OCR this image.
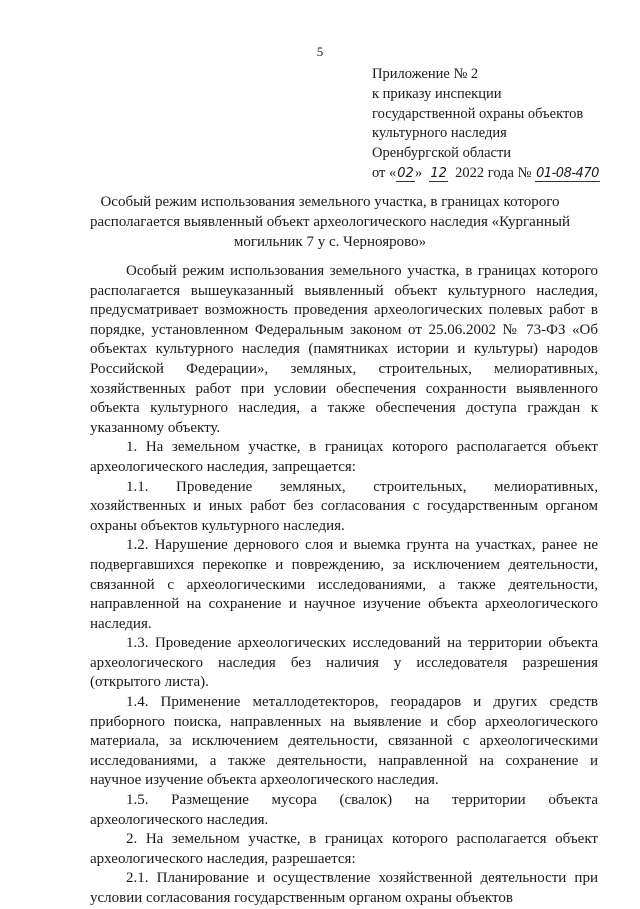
5
Приложение № 2
к приказу инспекции
государственной охраны объектов
культурного наследия
Оренбургской области
от «02» 12 2022 года № 01-08-470
Особый режим использования земельного участка, в границах которого располагается выявленный объект археологического наследия «Курганный могильник 7 у с. Черноярово»

Особый режим использования земельного участка, в границах которого располагается вышеуказанный выявленный объект культурного наследия, предусматривает возможность проведения археологических полевых работ в порядке, установленном Федеральным законом от 25.06.2002 № 73-ФЗ «Об объектах культурного наследия (памятниках истории и культуры) народов Российской Федерации», земляных, строительных, мелиоративных, хозяйственных работ при условии обеспечения сохранности выявленного объекта культурного наследия, а также обеспечения доступа граждан к указанному объекту.

1. На земельном участке, в границах которого располагается объект археологического наследия, запрещается:

1.1. Проведение земляных, строительных, мелиоративных, хозяйственных и иных работ без согласования с государственным органом охраны объектов культурного наследия.

1.2. Нарушение дернового слоя и выемка грунта на участках, ранее не подвергавшихся перекопке и повреждению, за исключением деятельности, связанной с археологическими исследованиями, а также деятельности, направленной на сохранение и научное изучение объекта археологического наследия.

1.3. Проведение археологических исследований на территории объекта археологического наследия без наличия у исследователя разрешения (открытого листа).

1.4. Применение металлодетекторов, георадаров и других средств приборного поиска, направленных на выявление и сбор археологического материала, за исключением деятельности, связанной с археологическими исследованиями, а также деятельности, направленной на сохранение и научное изучение объекта археологического наследия.

1.5. Размещение мусора (свалок) на территории объекта археологического наследия.

2. На земельном участке, в границах которого располагается объект археологического наследия, разрешается:

2.1. Планирование и осуществление хозяйственной деятельности при условии согласования государственным органом охраны объектов
